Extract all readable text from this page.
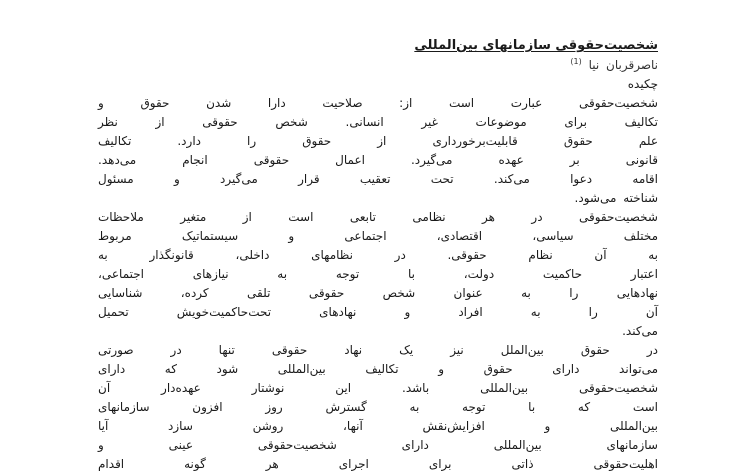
شخصیت‌حقوقی سازمانهای بین‌المللی
ناصرقربان نیا $^{(1)}$
چکیده
شخصیت‌حقوقی عبارت است از: صلاحیت دارا شدن حقوق و
تکالیف برای موضوعات غیر انسانی. شخص حقوقی از نظر
علم حقوق قابلیت‌برخورداری از حقوق را دارد. تکالیف
قانونی بر عهده می‌گیرد. اعمال حقوقی انجام می‌دهد.
اقامه دعوا می‌کند. تحت تعقیب قرار می‌گیرد و مسئول
شناخته می‌شود.
شخصیت‌حقوقی در هر نظامی تابعی است از متغیر ملاحظات
مختلف سیاسی، اقتصادی، اجتماعی و سیستماتیک مربوط
به آن نظام حقوقی. در نظامهای داخلی، قانونگذار به
اعتبار حاکمیت دولت، با توجه به نیازهای اجتماعی،
نهادهایی را به عنوان شخص حقوقی تلقی کرده، شناسایی
آن را به افراد و نهادهای تحت‌حاکمیت‌خویش تحمیل
می‌کند.
در حقوق بین‌الملل نیز یک نهاد حقوقی تنها در صورتی
می‌تواند دارای حقوق و تکالیف بین‌المللی شود که دارای
شخصیت‌حقوقی بین‌المللی باشد. این نوشتار عهده‌دار آن
است که با توجه به گسترش روز افزون سازمانهای
بین‌المللی و افزایش‌نقش آنها، روشن سازد آیا
سازمانهای بین‌المللی دارای شخصیت‌حقوقی عینی و
اهلیت‌حقوقی ذاتی برای اجرای هر گونه اقدام
